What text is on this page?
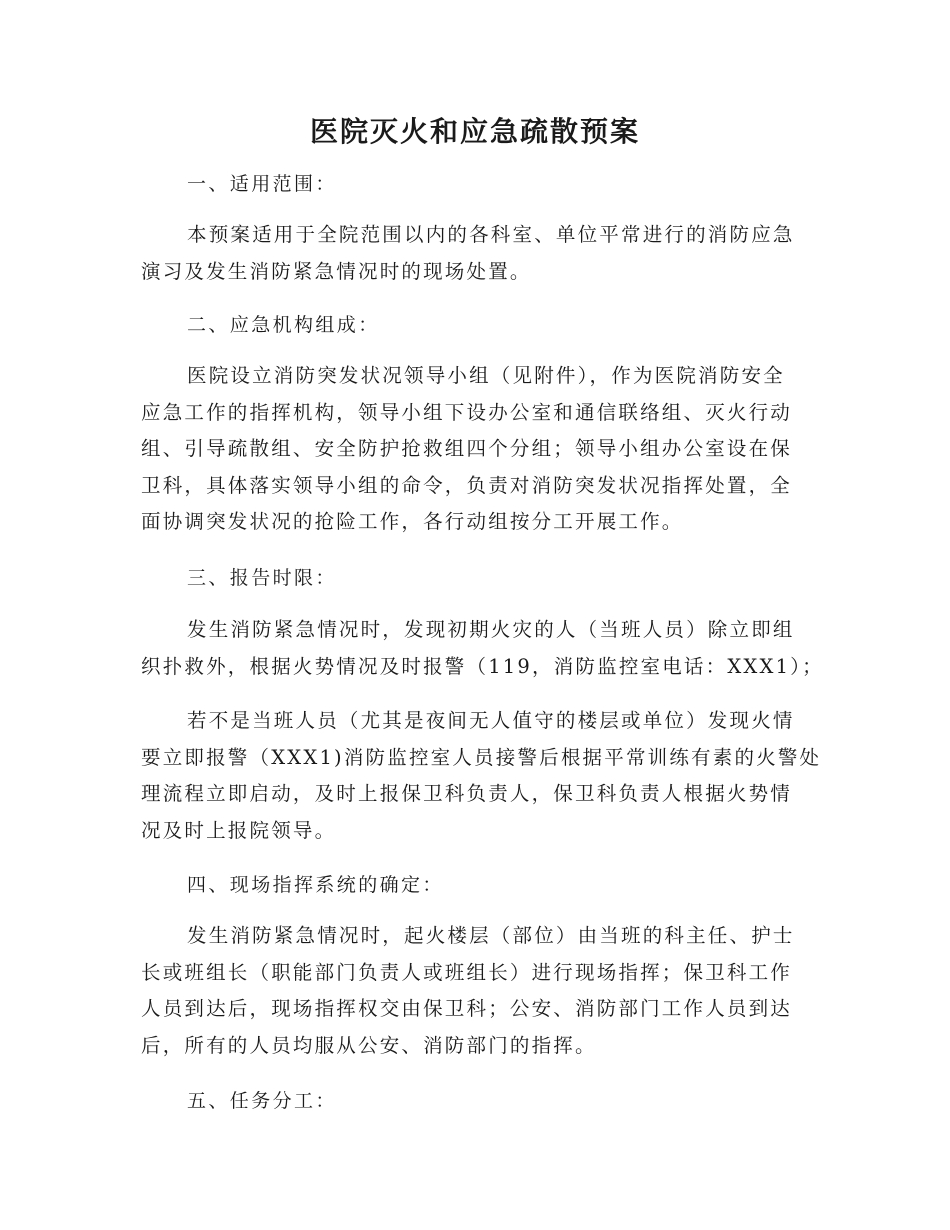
医院灭火和应急疏散预案
一、适用范围：
本预案适用于全院范围以内的各科室、单位平常进行的消防应急
演习及发生消防紧急情况时的现场处置。
二、应急机构组成：
医院设立消防突发状况领导小组（见附件），作为医院消防安全
应急工作的指挥机构，领导小组下设办公室和通信联络组、灭火行动
组、引导疏散组、安全防护抢救组四个分组；领导小组办公室设在保
卫科，具体落实领导小组的命令，负责对消防突发状况指挥处置，全
面协调突发状况的抢险工作，各行动组按分工开展工作。
三、报告时限：
发生消防紧急情况时，发现初期火灾的人（当班人员）除立即组
织扑救外，根据火势情况及时报警（119，消防监控室电话：XXX1）；
若不是当班人员（尤其是夜间无人值守的楼层或单位）发现火情
要立即报警（XXX1)消防监控室人员接警后根据平常训练有素的火警处
理流程立即启动，及时上报保卫科负责人，保卫科负责人根据火势情
况及时上报院领导。
四、现场指挥系统的确定：
发生消防紧急情况时，起火楼层（部位）由当班的科主任、护士
长或班组长（职能部门负责人或班组长）进行现场指挥；保卫科工作
人员到达后，现场指挥权交由保卫科；公安、消防部门工作人员到达
后，所有的人员均服从公安、消防部门的指挥。
五、任务分工：
